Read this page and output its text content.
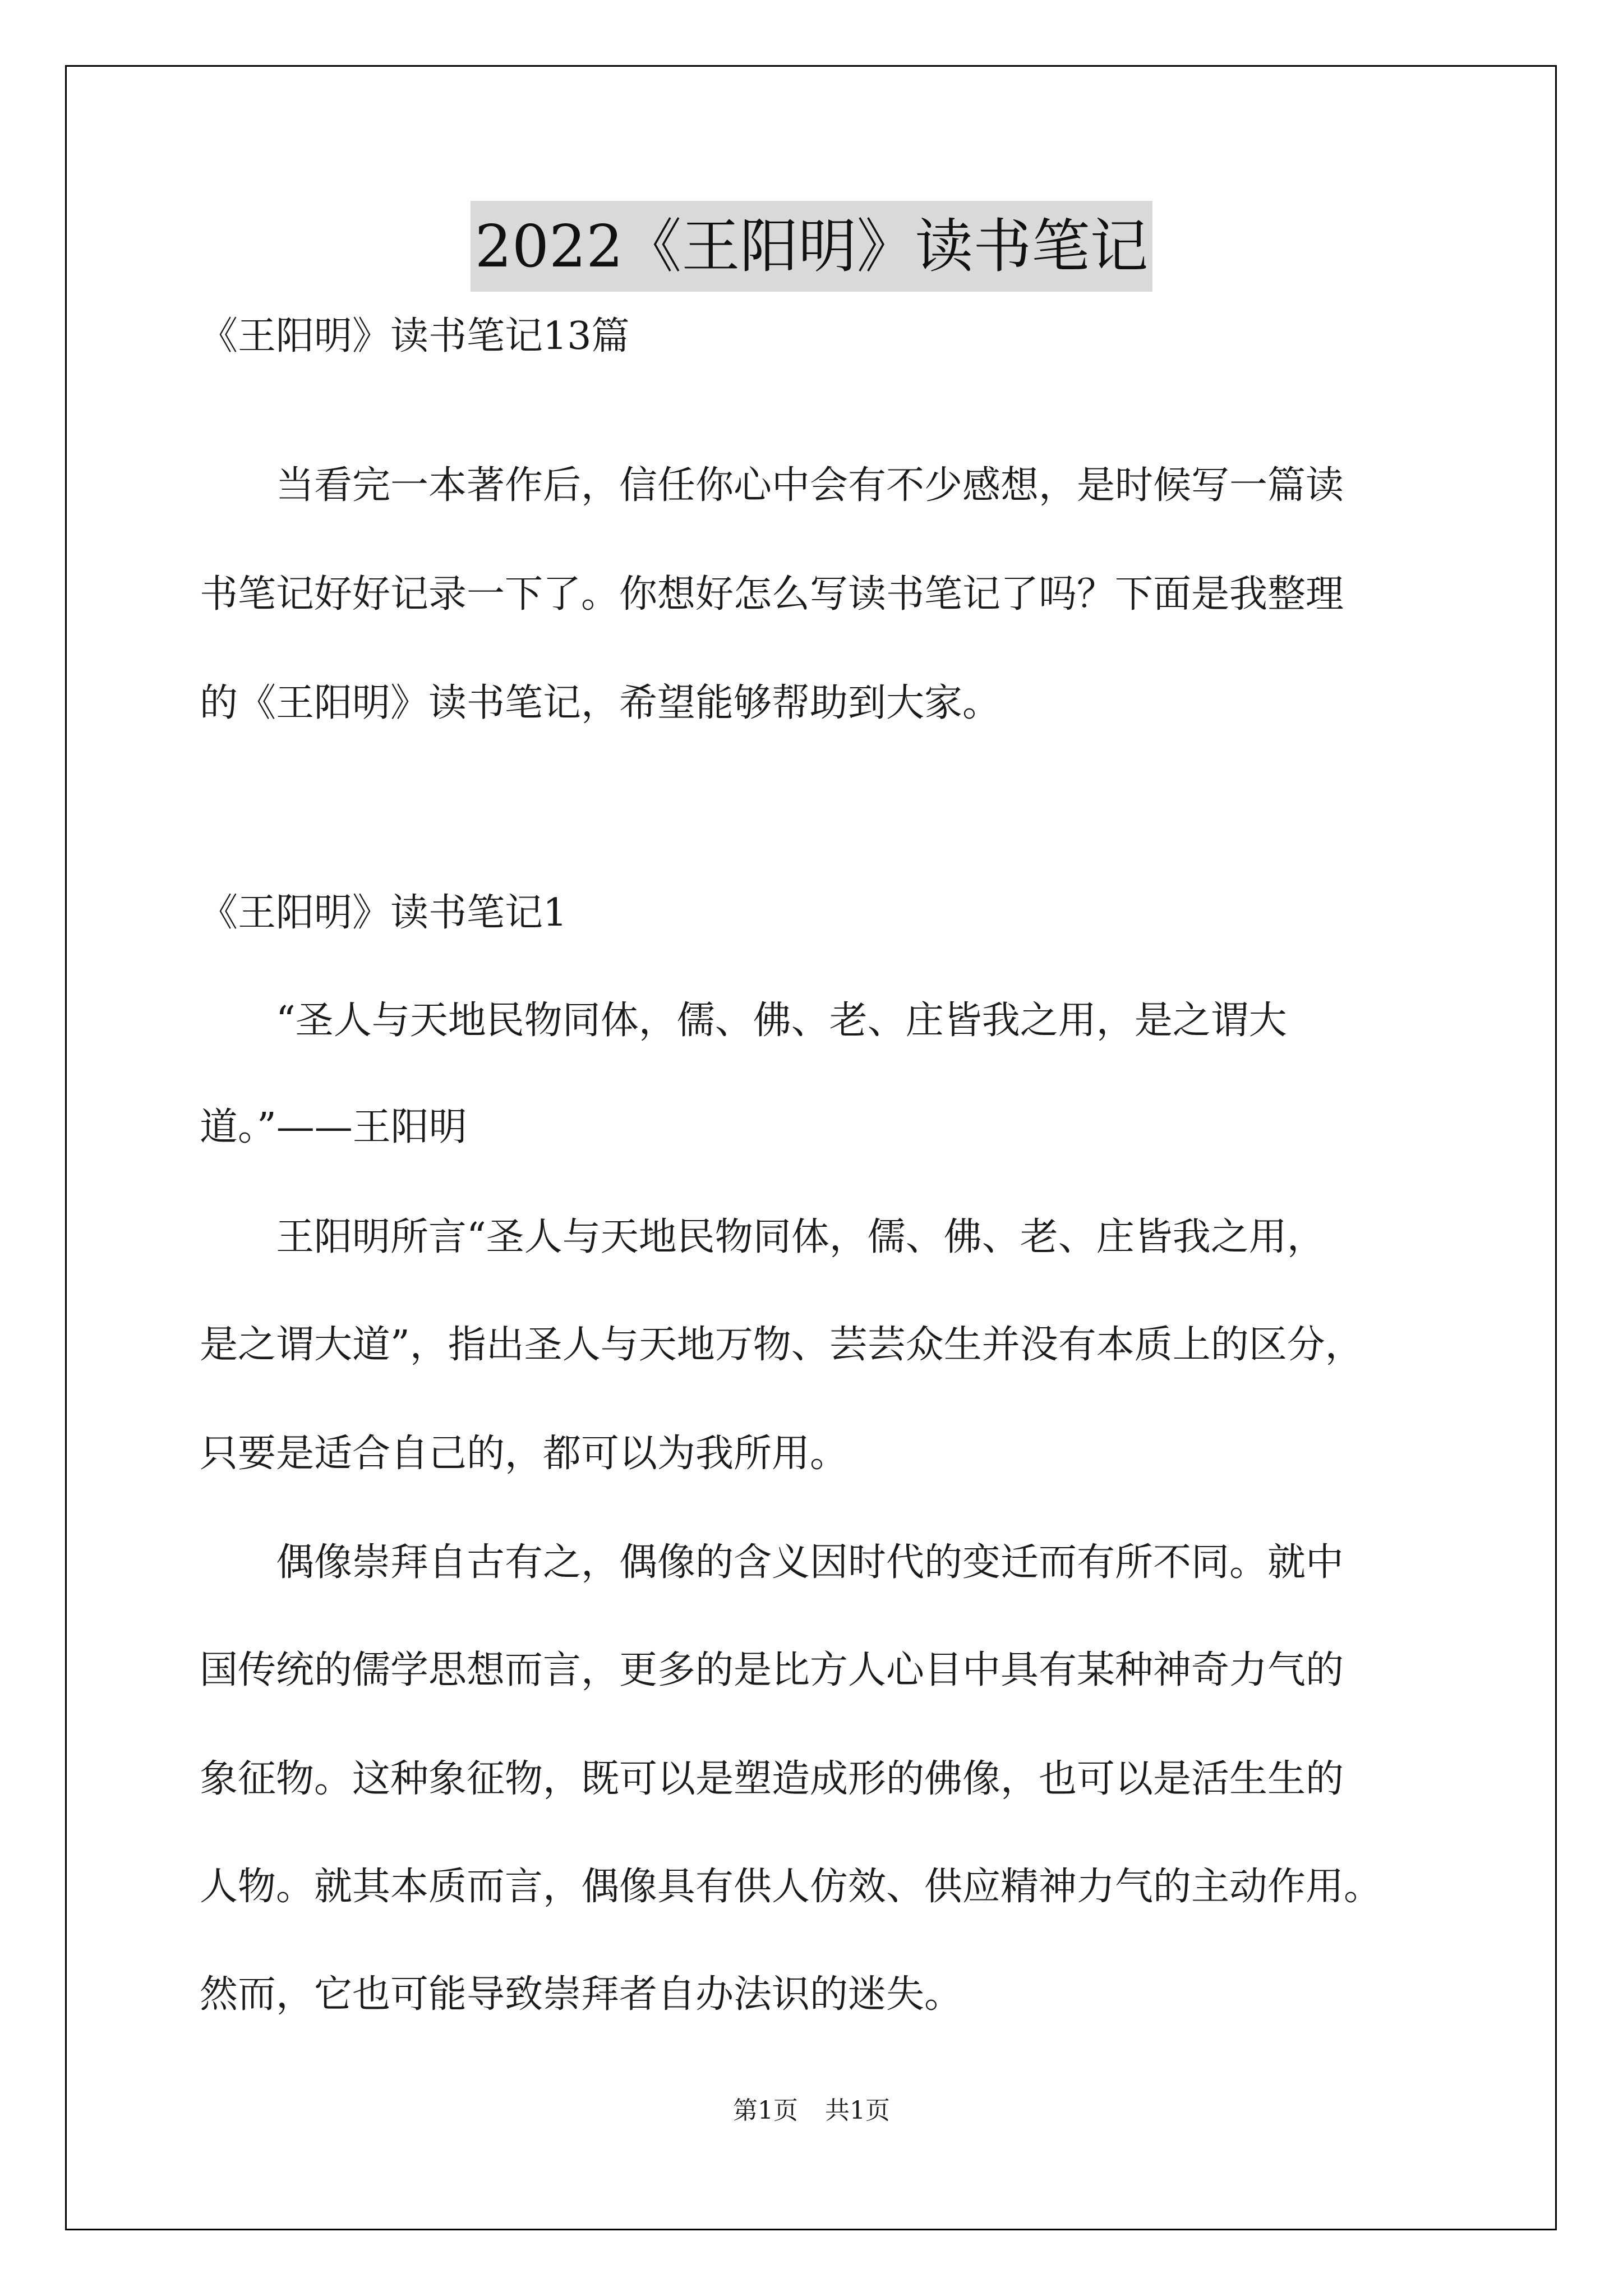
2022《王阳明》读书笔记
《王阳明》读书笔记13篇
　　当看完一本著作后，信任你心中会有不少感想，是时候写一篇读
书笔记好好记录一下了。你想好怎么写读书笔记了吗？下面是我整理
的《王阳明》读书笔记，希望能够帮助到大家。
《王阳明》读书笔记1
　　“圣人与天地民物同体，儒、佛、老、庄皆我之用，是之谓大
道。”——王阳明
　　王阳明所言“圣人与天地民物同体，儒、佛、老、庄皆我之用，
是之谓大道”，指出圣人与天地万物、芸芸众生并没有本质上的区分，
只要是适合自己的，都可以为我所用。
　　偶像崇拜自古有之，偶像的含义因时代的变迁而有所不同。就中
国传统的儒学思想而言，更多的是比方人心目中具有某种神奇力气的
象征物。这种象征物，既可以是塑造成形的佛像，也可以是活生生的
人物。就其本质而言，偶像具有供人仿效、供应精神力气的主动作用。
然而，它也可能导致崇拜者自办法识的迷失。
第1页 共1页
